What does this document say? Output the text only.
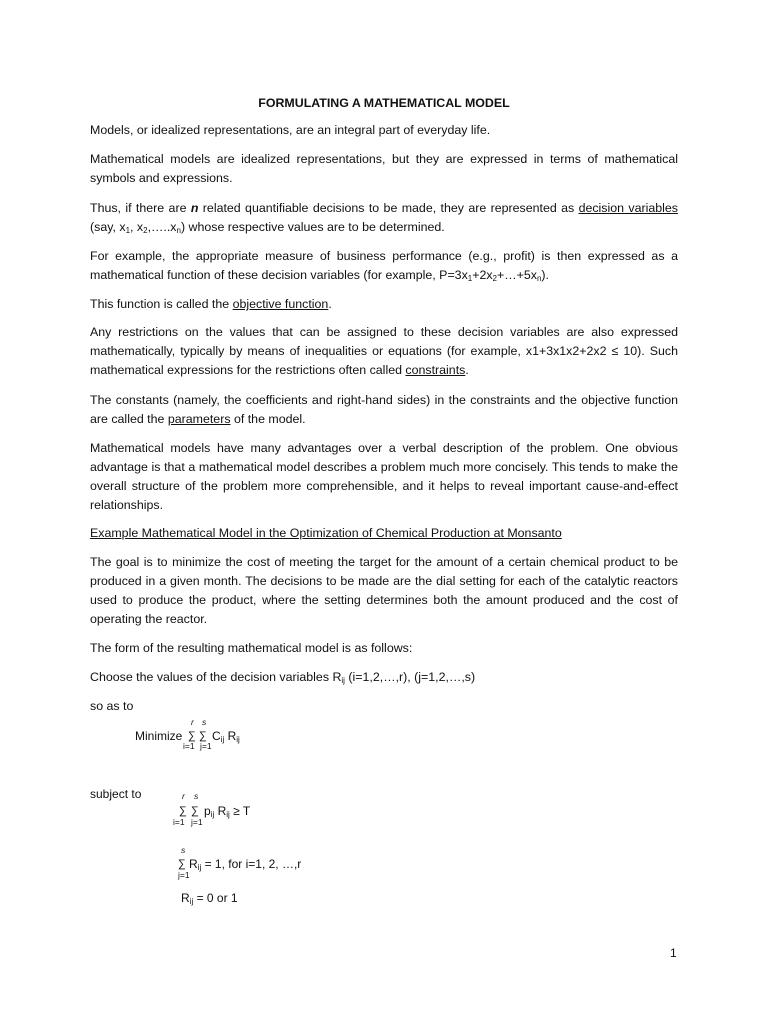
FORMULATING A MATHEMATICAL MODEL

Models, or idealized representations, are an integral part of everyday life.

Mathematical models are idealized representations, but they are expressed in terms of mathematical symbols and expressions.

Thus, if there are n related quantifiable decisions to be made, they are represented as decision variables (say, $x_1$, $x_2,\dots..x_n$) whose respective values are to be determined.

For example, the appropriate measure of business performance (e.g., profit) is then expressed as a mathematical function of these decision variables (for example, $P=3x_1+2x_2+\dots+5x_n$).

This function is called the objective function.

Any restrictions on the values that can be assigned to these decision variables are also expressed mathematically, typically by means of inequalities or equations (for example, x1+3x1x2+2x2 ≤ 10). Such mathematical expressions for the restrictions often called constraints.

The constants (namely, the coefficients and right-hand sides) in the constraints and the objective function are called the parameters of the model.

Mathematical models have many advantages over a verbal description of the problem. One obvious advantage is that a mathematical model describes a problem much more concisely. This tends to make the overall structure of the problem more comprehensible, and it helps to reveal important cause-and-effect relationships.

Example Mathematical Model in the Optimization of Chemical Production at Monsanto

The goal is to minimize the cost of meeting the target for the amount of a certain chemical product to be produced in a given month. The decisions to be made are the dial setting for each of the catalytic reactors used to produce the product, where the setting determines both the amount produced and the cost of operating the reactor.

The form of the resulting mathematical model is as follows:

Choose the values of the decision variables $R_{ij}$ (i=1,2,…,r), (j=1,2,…,s)

so as to

Minimize
r s
∑ ∑
i=1 j=1
$C_{ij}$ $R_{ij}$
subject to	r s
∑ ∑
i=1 j=1
$p_{ij}$ $R_{ij} \ge T$
s
∑
j=1
$R_{ij} = 1$, for i=1, 2, …,r
$R_{ij} = 0$ or 1
1
